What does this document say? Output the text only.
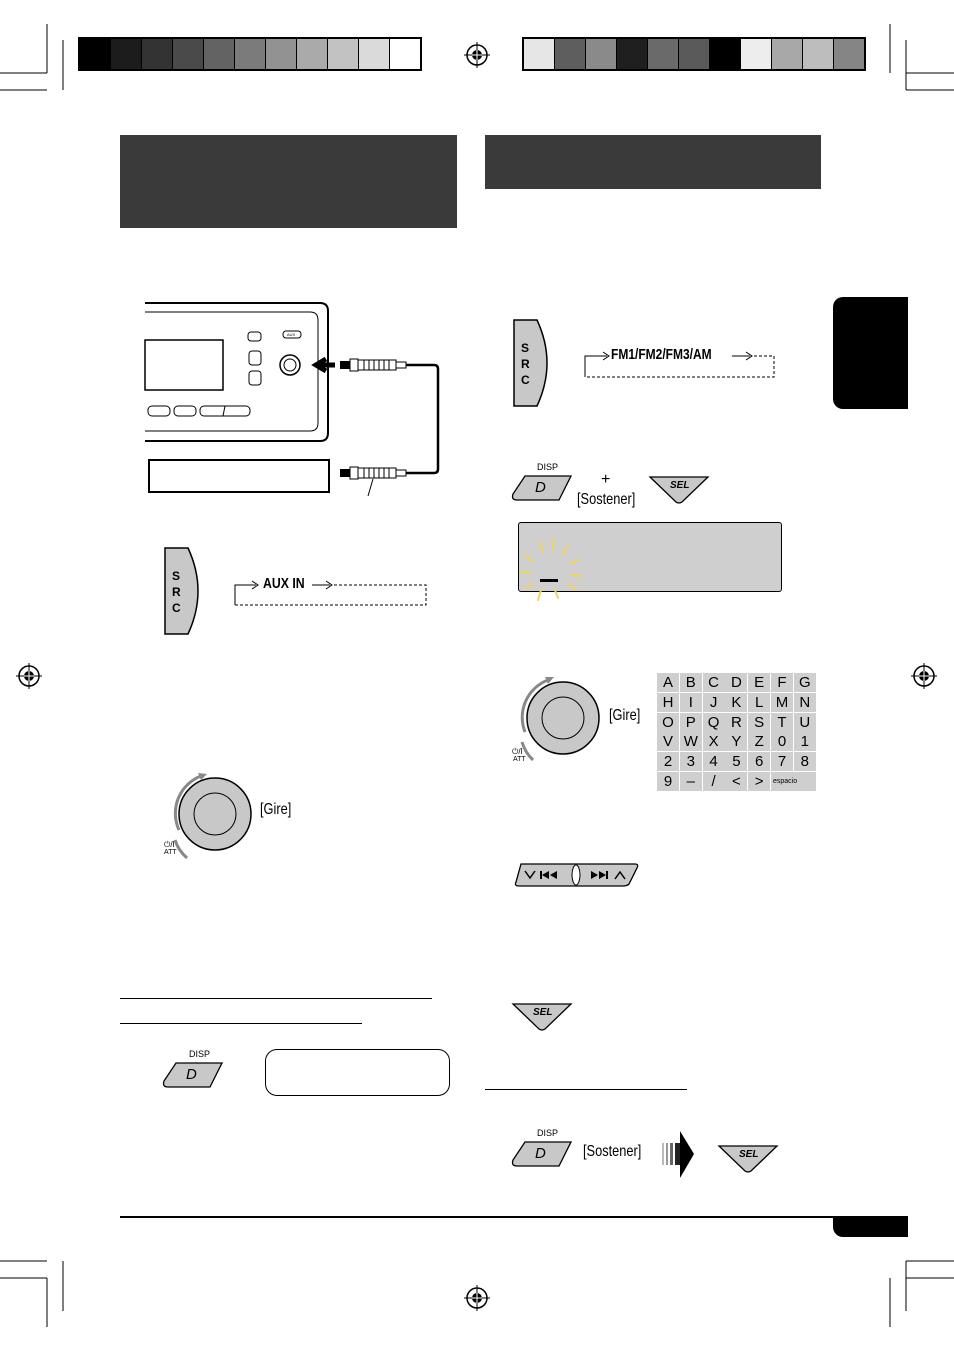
AUX
S
R
C
AUX IN
[Gire]
⏻/I
ATT
DISP
D
S
R
C
FM1/FM2/FM3/AM
DISP
D	+
[Sostener]
SEL
[Gire]
⏻/I
ATT
A B C D E F G
H	I	J K L M N
O P Q R S T U
V W X Y Z 0 1
2 3 4 5 6 7 8
9 –	/	< >	espacio
SEL
DISP
D [Sostener]	SEL
